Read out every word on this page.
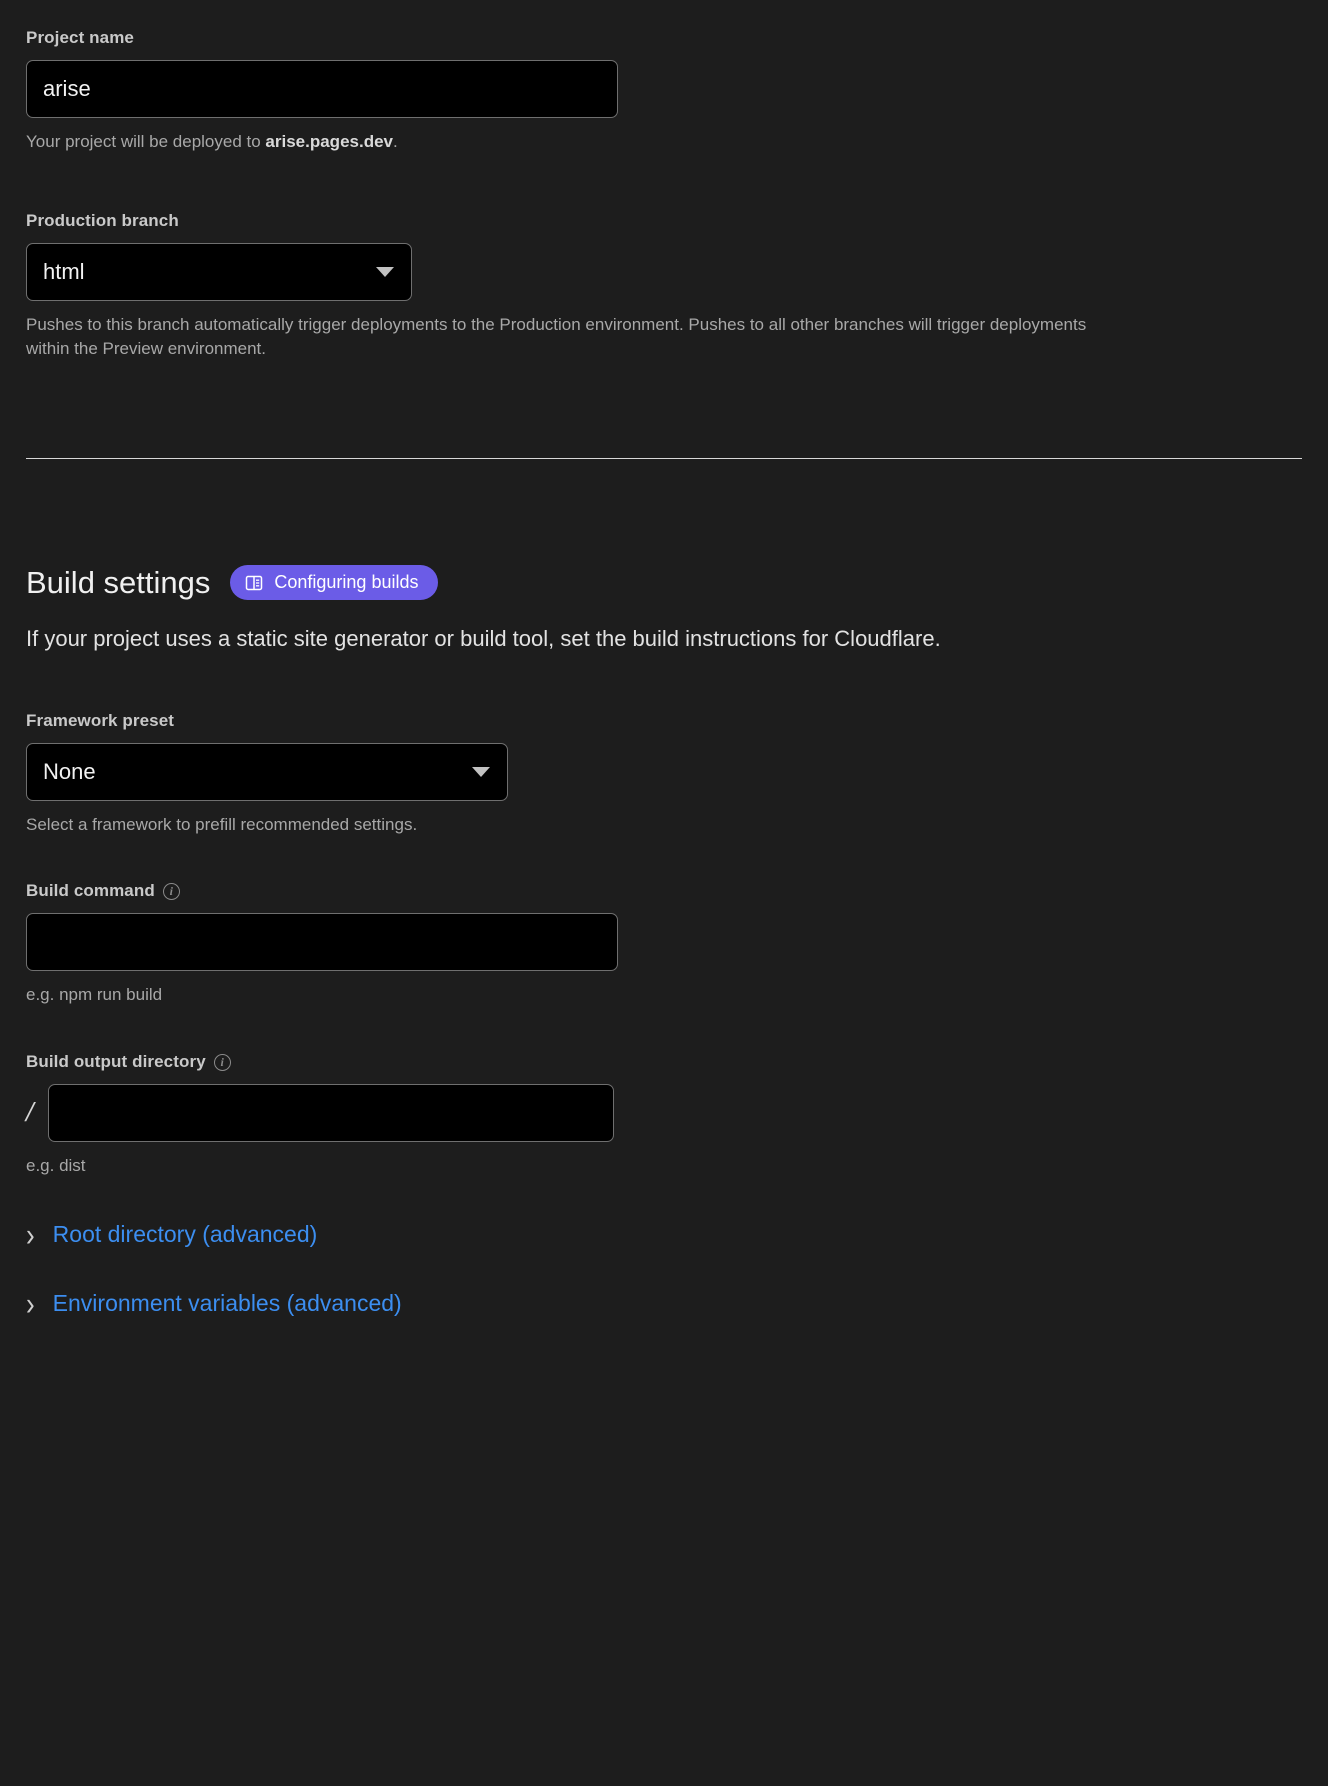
Project name
arise
Your project will be deployed to arise.pages.dev.
Production branch
html
Pushes to this branch automatically trigger deployments to the Production environment. Pushes to all other branches will trigger deployments within the Preview environment.
Build settings	Configuring builds
If your project uses a static site generator or build tool, set the build instructions for Cloudflare.
Framework preset
None
Select a framework to prefill recommended settings.
Build command	i
e.g. npm run build
Build output directory	i
/
e.g. dist
› Root directory (advanced)
› Environment variables (advanced)
